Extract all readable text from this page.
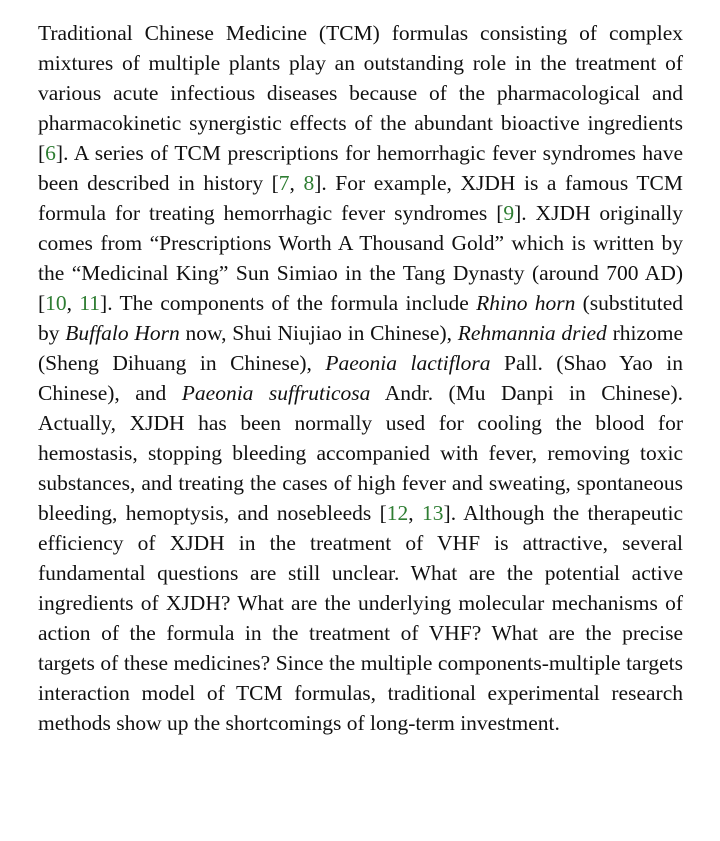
Traditional Chinese Medicine (TCM) formulas consisting of complex mixtures of multiple plants play an outstanding role in the treatment of various acute infectious diseases because of the pharmacological and pharmacokinetic synergistic effects of the abundant bioactive ingredients [6]. A series of TCM prescriptions for hemorrhagic fever syndromes have been described in history [7, 8]. For example, XJDH is a famous TCM formula for treating hemorrhagic fever syndromes [9]. XJDH originally comes from “Prescriptions Worth A Thousand Gold” which is written by the “Medicinal King” Sun Simiao in the Tang Dynasty (around 700 AD) [10, 11]. The components of the formula include Rhino horn (substituted by Buffalo Horn now, Shui Niujiao in Chinese), Rehmannia dried rhizome (Sheng Dihuang in Chinese), Paeonia lactiflora Pall. (Shao Yao in Chinese), and Paeonia suffruticosa Andr. (Mu Danpi in Chinese). Actually, XJDH has been normally used for cooling the blood for hemostasis, stopping bleeding accompanied with fever, removing toxic substances, and treating the cases of high fever and sweating, spontaneous bleeding, hemoptysis, and nosebleeds [12, 13]. Although the therapeutic efficiency of XJDH in the treatment of VHF is attractive, several fundamental questions are still unclear. What are the potential active ingredients of XJDH? What are the underlying molecular mechanisms of action of the formula in the treatment of VHF? What are the precise targets of these medicines? Since the multiple components-multiple targets interaction model of TCM formulas, traditional experimental research methods show up the shortcomings of long-term investment.
